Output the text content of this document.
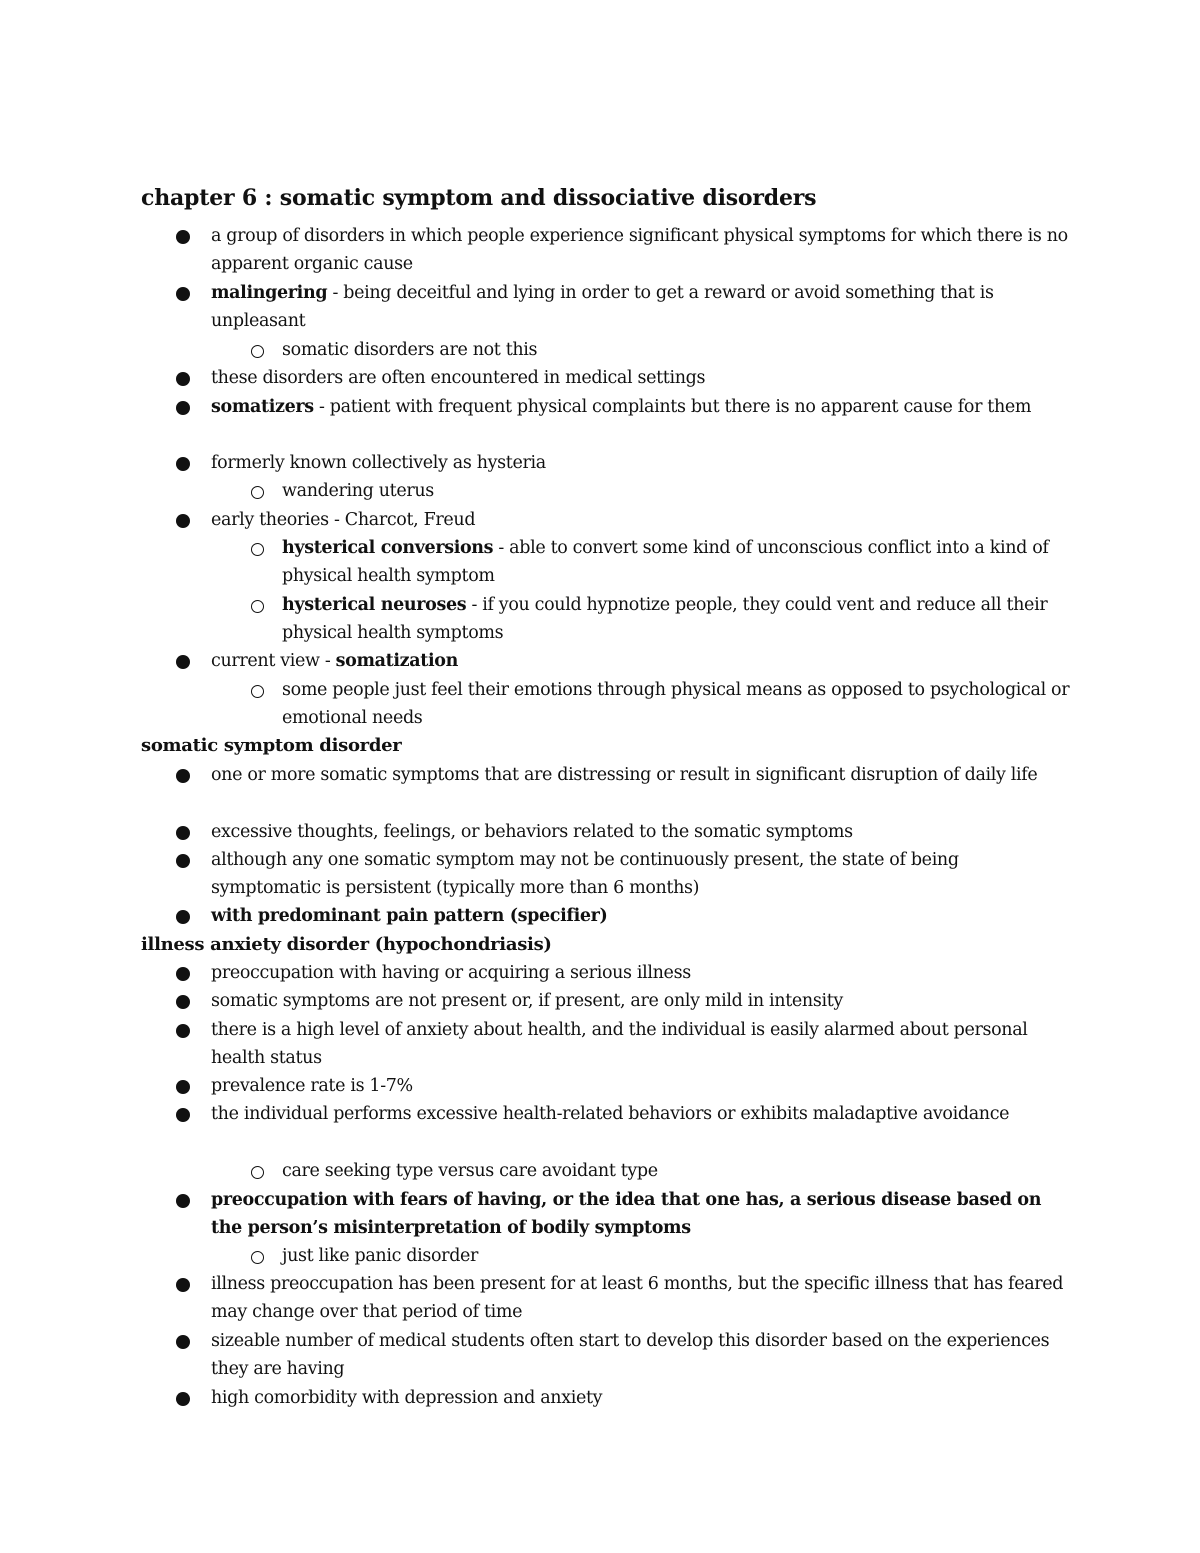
chapter 6 : somatic symptom and dissociative disorders
a group of disorders in which people experience significant physical symptoms for which there is no apparent organic cause
malingering - being deceitful and lying in order to get a reward or avoid something that is unpleasant
somatic disorders are not this
these disorders are often encountered in medical settings
somatizers - patient with frequent physical complaints but there is no apparent cause for them
formerly known collectively as hysteria
wandering uterus
early theories - Charcot, Freud
hysterical conversions - able to convert some kind of unconscious conflict into a kind of physical health symptom
hysterical neuroses - if you could hypnotize people, they could vent and reduce all their physical health symptoms
current view - somatization
some people just feel their emotions through physical means as opposed to psychological or emotional needs
somatic symptom disorder
one or more somatic symptoms that are distressing or result in significant disruption of daily life
excessive thoughts, feelings, or behaviors related to the somatic symptoms
although any one somatic symptom may not be continuously present, the state of being symptomatic is persistent (typically more than 6 months)
with predominant pain pattern (specifier)
illness anxiety disorder (hypochondriasis)
preoccupation with having or acquiring a serious illness
somatic symptoms are not present or, if present, are only mild in intensity
there is a high level of anxiety about health, and the individual is easily alarmed about personal health status
prevalence rate is 1-7%
the individual performs excessive health-related behaviors or exhibits maladaptive avoidance
care seeking type versus care avoidant type
preoccupation with fears of having, or the idea that one has, a serious disease based on the person’s misinterpretation of bodily symptoms
just like panic disorder
illness preoccupation has been present for at least 6 months, but the specific illness that has feared may change over that period of time
sizeable number of medical students often start to develop this disorder based on the experiences they are having
high comorbidity with depression and anxiety
